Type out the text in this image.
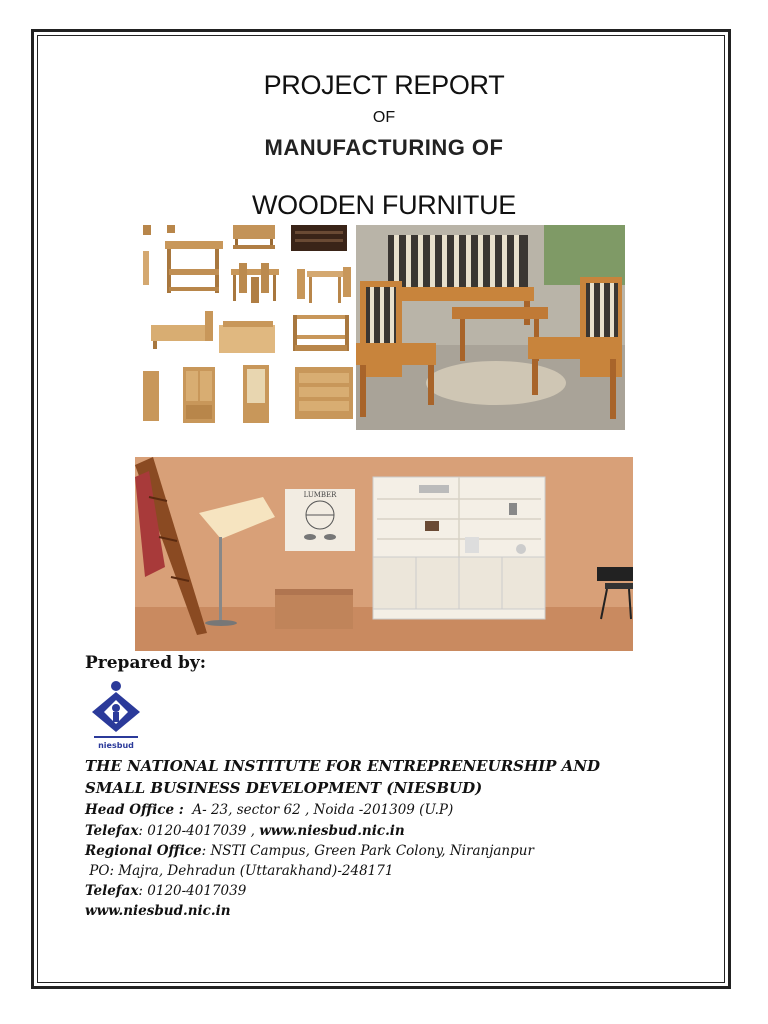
PROJECT REPORT
OF
MANUFACTURING OF
WOODEN FURNITUE
LUMBER
Prepared by:
niesbud
THE NATIONAL INSTITUTE FOR ENTREPRENEURSHIP AND
SMALL BUSINESS DEVELOPMENT (NIESBUD)
Head Office :  A- 23, sector 62 , Noida -201309 (U.P)
Telefax: 0120-4017039 , www.niesbud.nic.in
Regional Office: NSTI Campus, Green Park Colony, Niranjanpur
PO: Majra, Dehradun (Uttarakhand)-248171
Telefax: 0120-4017039
www.niesbud.nic.in
